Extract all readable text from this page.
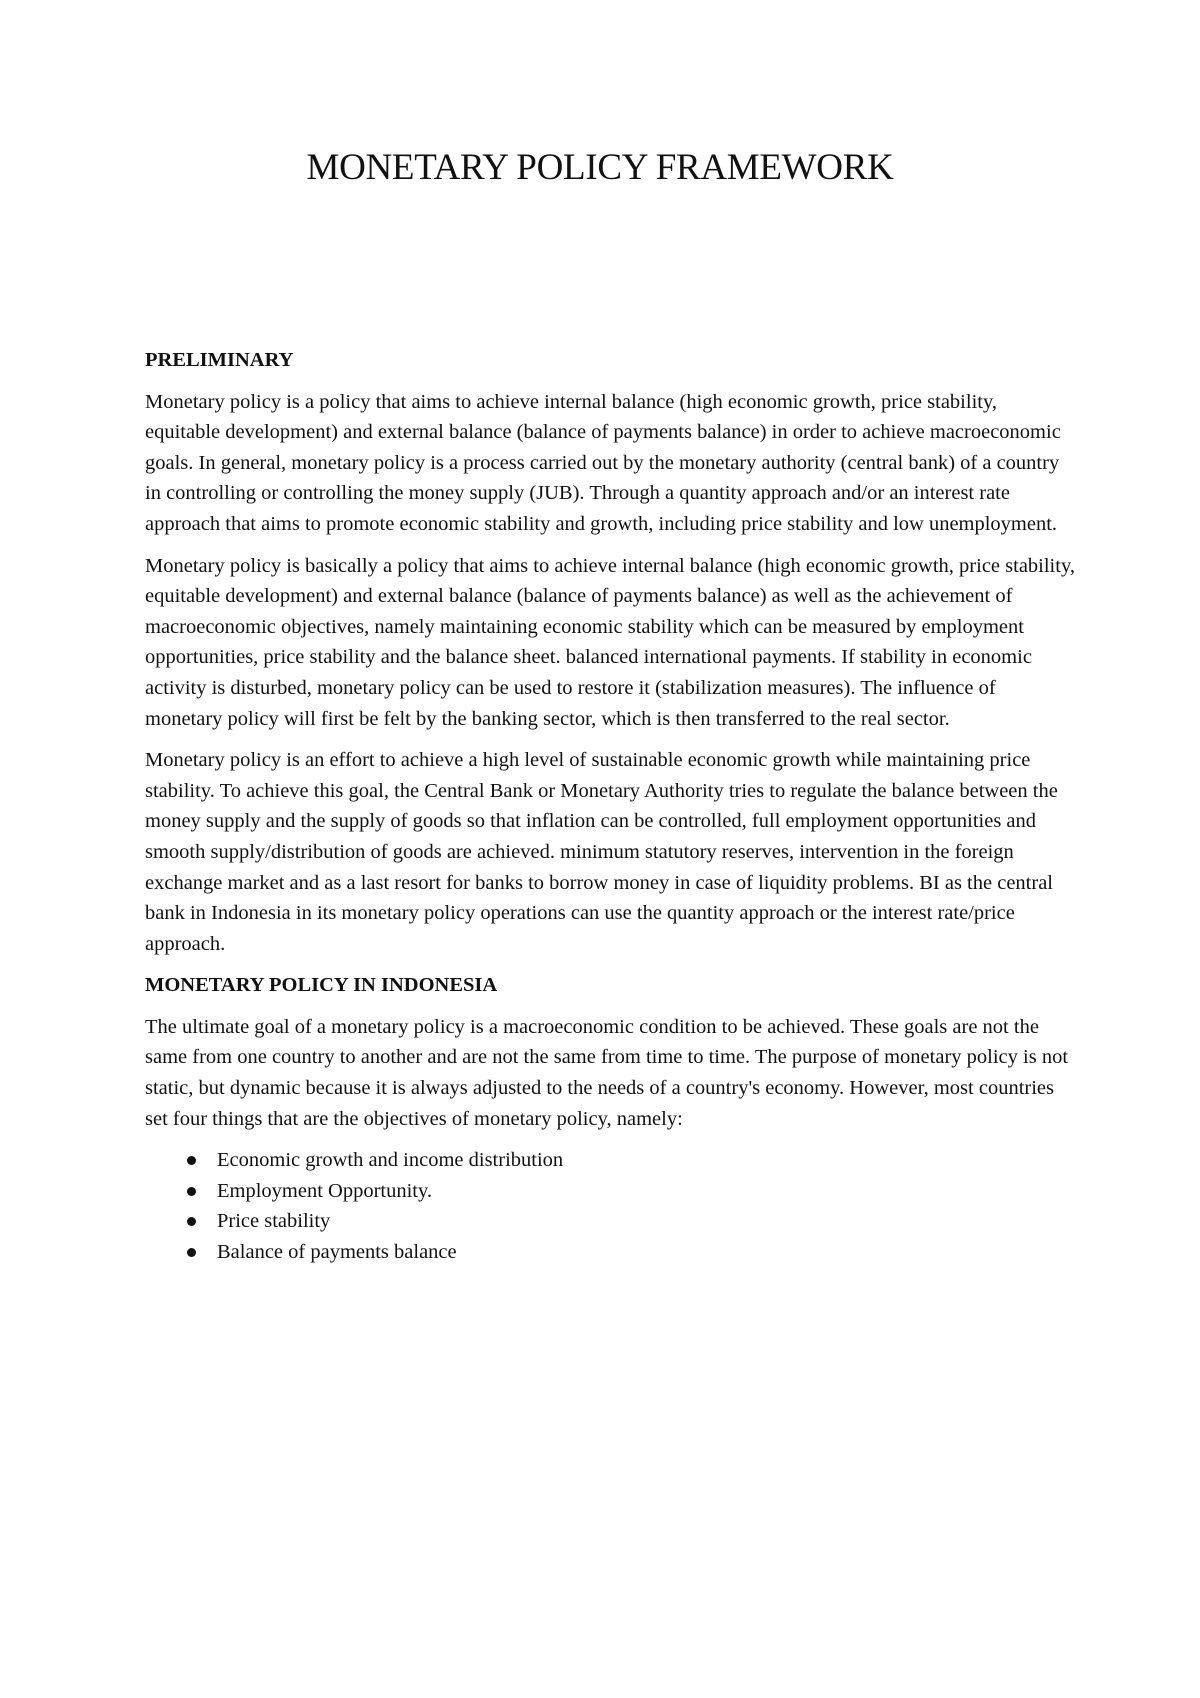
MONETARY POLICY FRAMEWORK
PRELIMINARY

Monetary policy is a policy that aims to achieve internal balance (high economic growth, price stability, equitable development) and external balance (balance of payments balance) in order to achieve macroeconomic goals. In general, monetary policy is a process carried out by the monetary authority (central bank) of a country in controlling or controlling the money supply (JUB). Through a quantity approach and/or an interest rate approach that aims to promote economic stability and growth, including price stability and low unemployment.

Monetary policy is basically a policy that aims to achieve internal balance (high economic growth, price stability, equitable development) and external balance (balance of payments balance) as well as the achievement of macroeconomic objectives, namely maintaining economic stability which can be measured by employment opportunities, price stability and the balance sheet. balanced international payments. If stability in economic activity is disturbed, monetary policy can be used to restore it (stabilization measures). The influence of monetary policy will first be felt by the banking sector, which is then transferred to the real sector.

Monetary policy is an effort to achieve a high level of sustainable economic growth while maintaining price stability. To achieve this goal, the Central Bank or Monetary Authority tries to regulate the balance between the money supply and the supply of goods so that inflation can be controlled, full employment opportunities and smooth supply/distribution of goods are achieved. minimum statutory reserves, intervention in the foreign exchange market and as a last resort for banks to borrow money in case of liquidity problems. BI as the central bank in Indonesia in its monetary policy operations can use the quantity approach or the interest rate/price approach.

MONETARY POLICY IN INDONESIA

The ultimate goal of a monetary policy is a macroeconomic condition to be achieved. These goals are not the same from one country to another and are not the same from time to time. The purpose of monetary policy is not static, but dynamic because it is always adjusted to the needs of a country's economy. However, most countries set four things that are the objectives of monetary policy, namely:

Economic growth and income distribution
Employment Opportunity.
Price stability
Balance of payments balance
